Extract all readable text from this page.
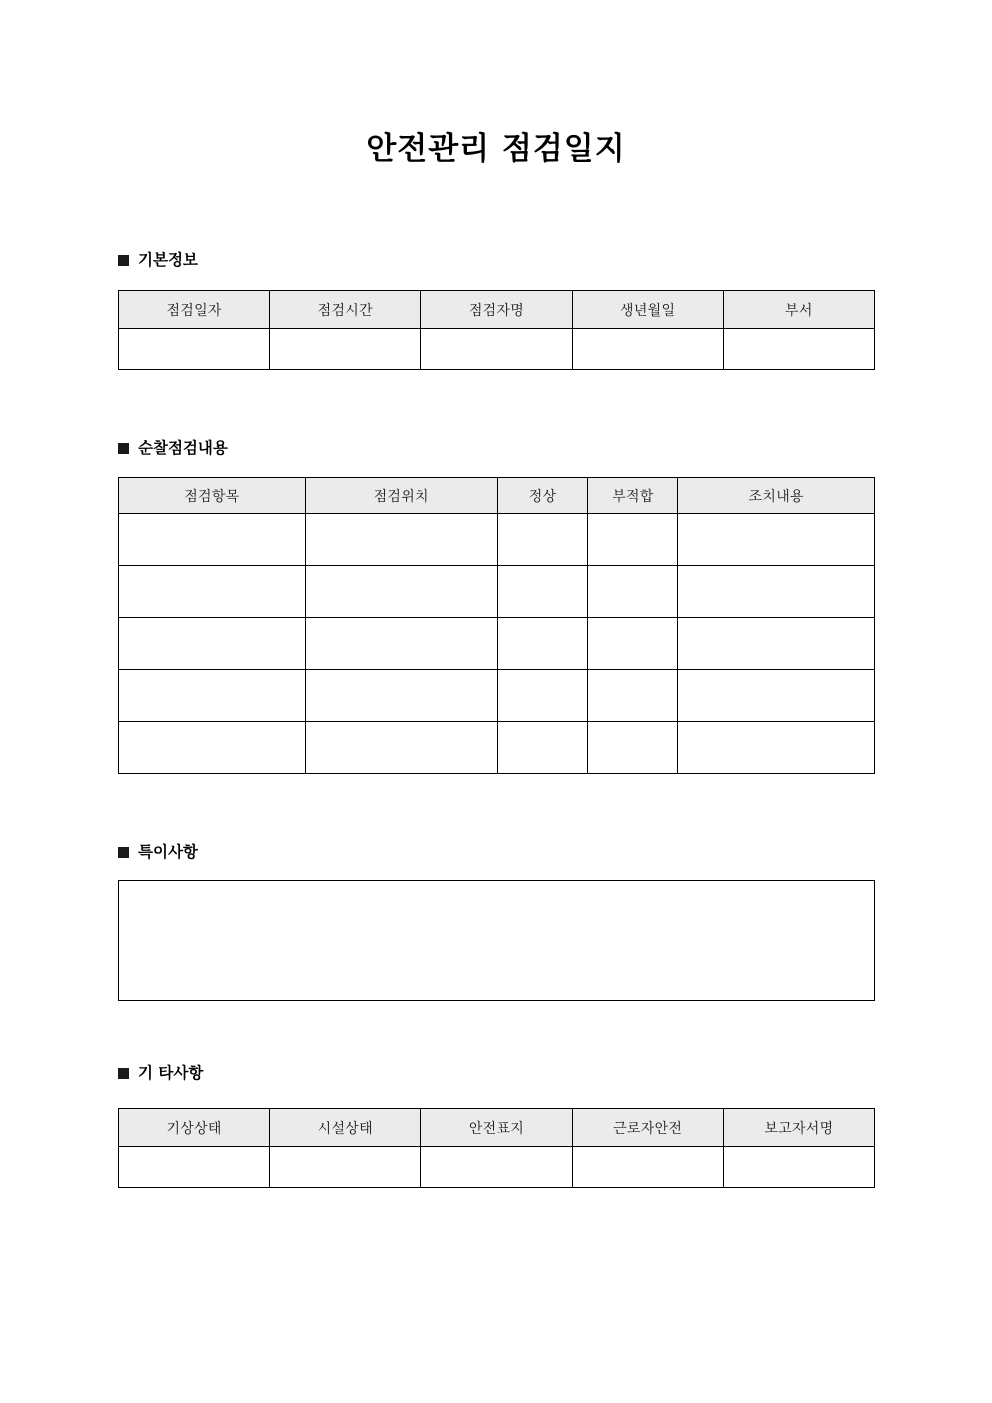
안전관리 점검일지
기본정보
점검일자	점검시간	점검자명	생년월일	부서

순찰점검내용
점검항목	점검위치	정상	부적합	조치내용

특이사항
기 타사항
기상상태	시설상태	안전표지	근로자안전	보고자서명
